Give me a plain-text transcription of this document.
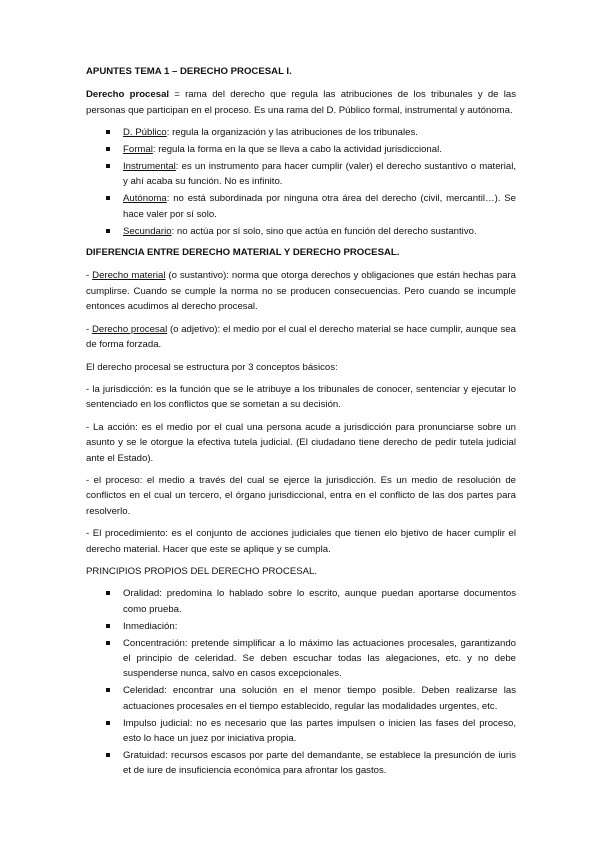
APUNTES TEMA 1 – DERECHO PROCESAL I.

Derecho procesal = rama del derecho que regula las atribuciones de los tribunales y de las personas que participan en el proceso. Es una rama del D. Público formal, instrumental y autónoma.

D. Público: regula la organización y las atribuciones de los tribunales.
Formal: regula la forma en la que se lleva a cabo la actividad jurisdiccional.
Instrumental: es un instrumento para hacer cumplir (valer) el derecho sustantivo o material, y ahí acaba su función. No es infinito.
Autónoma: no está subordinada por ninguna otra área del derecho (civil, mercantil…). Se hace valer por sí solo.
Secundario: no actúa por sí solo, sino que actúa en función del derecho sustantivo.

DIFERENCIA ENTRE DERECHO MATERIAL Y DERECHO PROCESAL.

- Derecho material (o sustantivo): norma que otorga derechos y obligaciones que están hechas para cumplirse. Cuando se cumple la norma no se producen consecuencias. Pero cuando se incumple entonces acudimos al derecho procesal.

- Derecho procesal (o adjetivo): el medio por el cual el derecho material se hace cumplir, aunque sea de forma forzada.

El derecho procesal se estructura por 3 conceptos básicos:

- la jurisdicción: es la función que se le atribuye a los tribunales de conocer, sentenciar y ejecutar lo sentenciado en los conflictos que se sometan a su decisión.

- La acción: es el medio por el cual una persona acude a jurisdicción para pronunciarse sobre un asunto y se le otorgue la efectiva tutela judicial. (El ciudadano tiene derecho de pedir tutela judicial ante el Estado).

- el proceso: el medio a través del cual se ejerce la jurisdicción. Es un medio de resolución de conflictos en el cual un tercero, el órgano jurisdiccional, entra en el conflicto de las dos partes para resolverlo.

- El procedimiento: es el conjunto de acciones judiciales que tienen elo bjetivo de hacer cumplir el derecho material. Hacer que este se aplique y se cumpla.

PRINCIPIOS PROPIOS DEL DERECHO PROCESAL.

Oralidad: predomina lo hablado sobre lo escrito, aunque puedan aportarse documentos como prueba.
Inmediación:
Concentración: pretende simplificar a lo máximo las actuaciones procesales, garantizando el principio de celeridad. Se deben escuchar todas las alegaciones, etc. y no debe suspenderse nunca, salvo en casos excepcionales.
Celeridad: encontrar una solución en el menor tiempo posible. Deben realizarse las actuaciones procesales en el tiempo establecido, regular las modalidades urgentes, etc.
Impulso judicial: no es necesario que las partes impulsen o inicien las fases del proceso, esto lo hace un juez por iniciativa propia.
Gratuidad: recursos escasos por parte del demandante, se establece la presunción de iuris et de iure de insuficiencia económica para afrontar los gastos.
